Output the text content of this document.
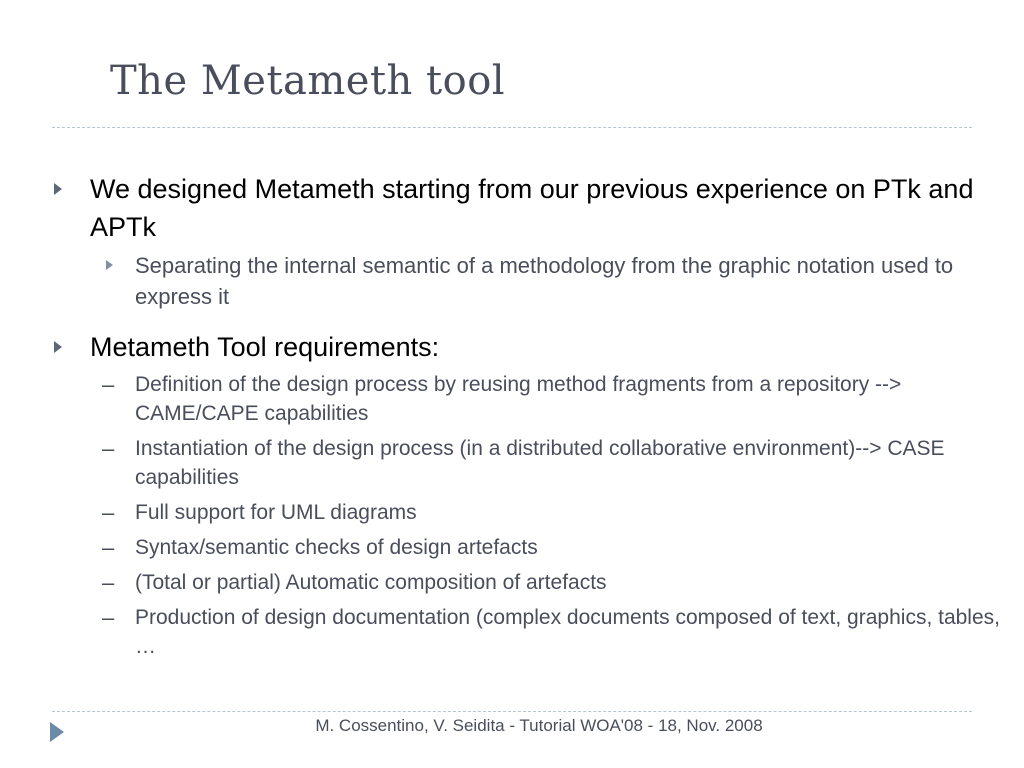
The Metameth tool
We designed Metameth starting from our previous experience on PTk and APTk
Separating the internal semantic of a methodology from the graphic notation used to express it
Metameth Tool requirements:
– Definition of the design process by reusing method fragments from a repository --> CAME/CAPE capabilities
– Instantiation of the design process (in a distributed collaborative environment)--> CASE capabilities
– Full support for UML diagrams
– Syntax/semantic checks of design artefacts
– (Total or partial) Automatic composition of artefacts
– Production of design documentation (complex documents composed of text, graphics, tables, …
M. Cossentino, V. Seidita - Tutorial WOA'08 - 18, Nov. 2008
